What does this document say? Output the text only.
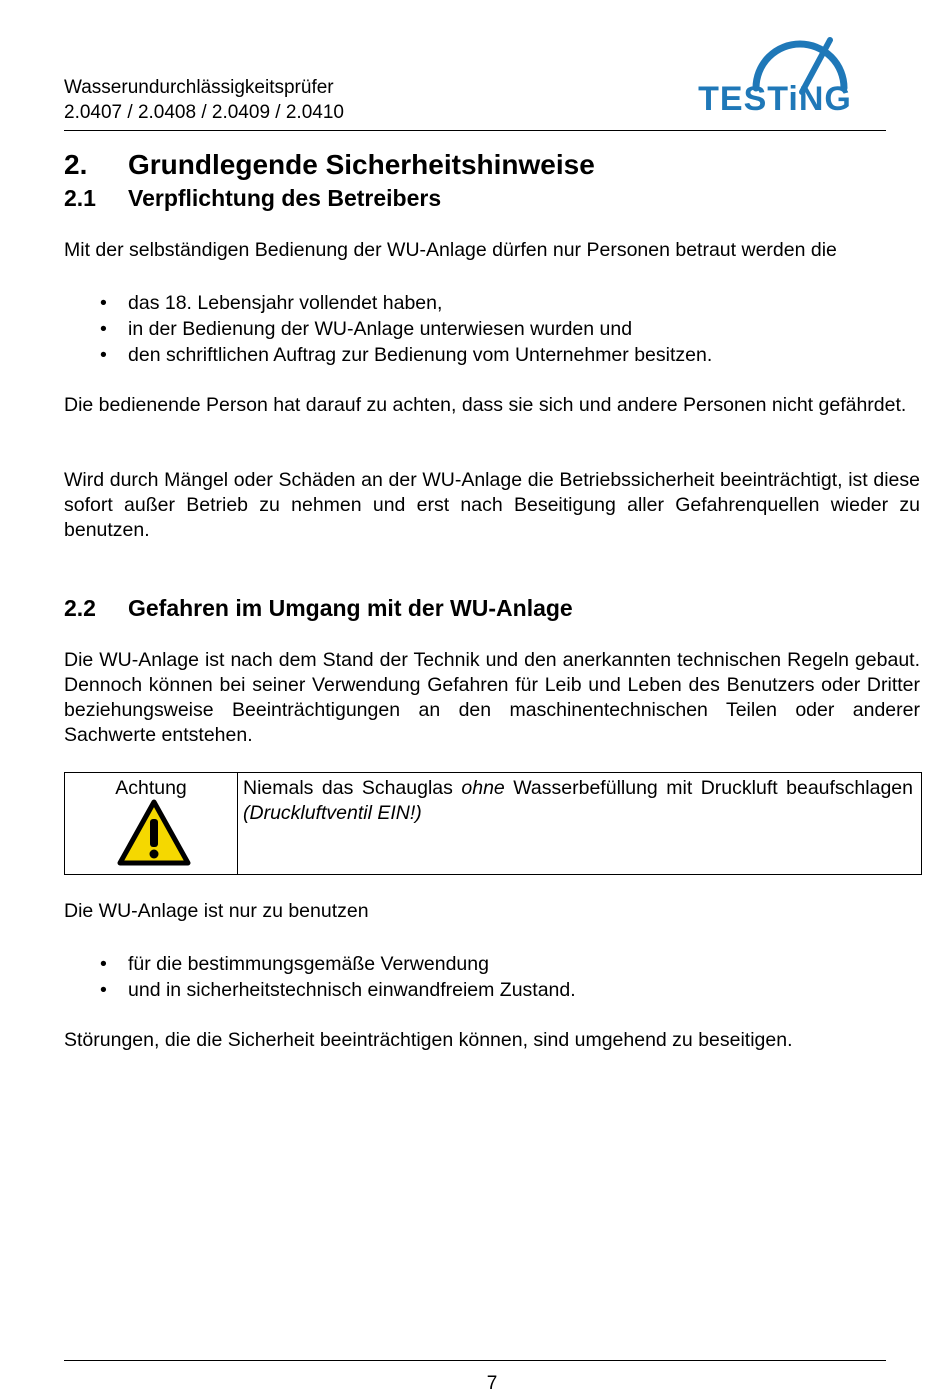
Wasserundurchlässigkeitsprüfer
2.0407 / 2.0408 / 2.0409 / 2.0410	TESTiNG
2. Grundlegende Sicherheitshinweise
2.1 Verpflichtung des Betreibers
Mit der selbständigen Bedienung der WU-Anlage dürfen nur Personen betraut werden die
• das 18. Lebensjahr vollendet haben,
• in der Bedienung der WU-Anlage unterwiesen wurden und
• den schriftlichen Auftrag zur Bedienung vom Unternehmer besitzen.
Die bedienende Person hat darauf zu achten, dass sie sich und andere Personen nicht gefährdet.
Wird durch Mängel oder Schäden an der WU-Anlage die Betriebssicherheit beeinträchtigt, ist diese sofort außer Betrieb zu nehmen und erst nach Beseitigung aller Gefahrenquellen wieder zu benutzen.
2.2 Gefahren im Umgang mit der WU-Anlage
Die WU-Anlage ist nach dem Stand der Technik und den anerkannten technischen Regeln gebaut. Dennoch können bei seiner Verwendung Gefahren für Leib und Leben des Benutzers oder Dritter beziehungsweise Beeinträchtigungen an den maschinentechnischen Teilen oder anderer Sachwerte entstehen.
Achtung	Niemals das Schauglas ohne Wasserbefüllung mit Druckluft beaufschlagen (Druckluftventil EIN!)
Die WU-Anlage ist nur zu benutzen
• für die bestimmungsgemäße Verwendung
• und in sicherheitstechnisch einwandfreiem Zustand.
Störungen, die die Sicherheit beeinträchtigen können, sind umgehend zu beseitigen.
7
